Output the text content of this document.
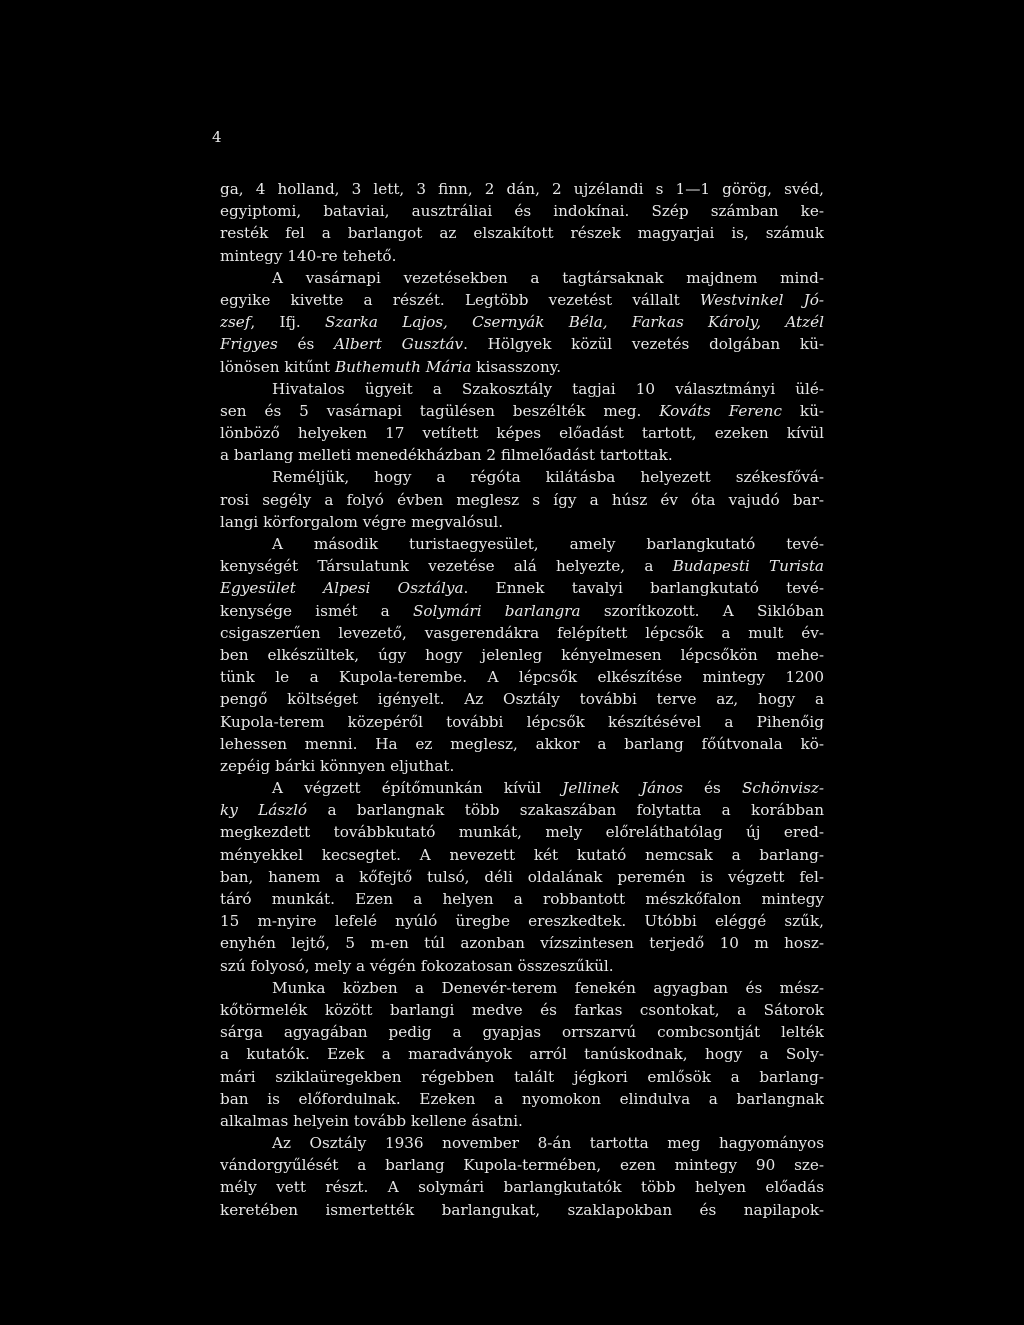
4
ga, 4 holland, 3 lett, 3 finn, 2 dán, 2 ujzélandi s 1—1 görög, svéd,
egyiptomi, bataviai, ausztráliai és indokínai. Szép számban ke-
resték fel a barlangot az elszakított részek magyarjai is, számuk
mintegy 140-re tehető.
A vasárnapi vezetésekben a tagtársaknak majdnem mind-
egyike kivette a részét. Legtöbb vezetést vállalt Westvinkel Jó-
zsef, Ifj. Szarka Lajos, Csernyák Béla, Farkas Károly, Atzél
Frigyes és Albert Gusztáv. Hölgyek közül vezetés dolgában kü-
lönösen kitűnt Buthemuth Mária kisasszony.
Hivatalos ügyeit a Szakosztály tagjai 10 választmányi ülé-
sen és 5 vasárnapi tagülésen beszélték meg. Kováts Ferenc kü-
lönböző helyeken 17 vetített képes előadást tartott, ezeken kívül
a barlang melleti menedékházban 2 filmelőadást tartottak.
Reméljük, hogy a régóta kilátásba helyezett székesfővá-
rosi segély a folyó évben meglesz s így a húsz év óta vajudó bar-
langi körforgalom végre megvalósul.
A második turistaegyesület, amely barlangkutató tevé-
kenységét Társulatunk vezetése alá helyezte, a Budapesti Turista
Egyesület Alpesi Osztálya. Ennek tavalyi barlangkutató tevé-
kenysége ismét a Solymári barlangra szorítkozott. A Siklóban
csigaszerűen levezető, vasgerendákra felépített lépcsők a mult év-
ben elkészültek, úgy hogy jelenleg kényelmesen lépcsőkön mehe-
tünk le a Kupola-terembe. A lépcsők elkészítése mintegy 1200
pengő költséget igényelt. Az Osztály további terve az, hogy a
Kupola-terem közepéről további lépcsők készítésével a Pihenőig
lehessen menni. Ha ez meglesz, akkor a barlang főútvonala kö-
zepéig bárki könnyen eljuthat.
A végzett építőmunkán kívül Jellinek János és Schönvisz-
ky László a barlangnak több szakaszában folytatta a korábban
megkezdett továbbkutató munkát, mely előreláthatólag új ered-
ményekkel kecsegtet. A nevezett két kutató nemcsak a barlang-
ban, hanem a kőfejtő tulsó, déli oldalának peremén is végzett fel-
táró munkát. Ezen a helyen a robbantott mészkőfalon mintegy
15 m-nyire lefelé nyúló üregbe ereszkedtek. Utóbbi eléggé szűk,
enyhén lejtő, 5 m-en túl azonban vízszintesen terjedő 10 m hosz-
szú folyosó, mely a végén fokozatosan összeszűkül.
Munka közben a Denevér-terem fenekén agyagban és mész-
kőtörmelék között barlangi medve és farkas csontokat, a Sátorok
sárga agyagában pedig a gyapjas orrszarvú combcsontját lelték
a kutatók. Ezek a maradványok arról tanúskodnak, hogy a Soly-
mári sziklaüregekben régebben talált jégkori emlősök a barlang-
ban is előfordulnak. Ezeken a nyomokon elindulva a barlangnak
alkalmas helyein tovább kellene ásatni.
Az Osztály 1936 november 8-án tartotta meg hagyományos
vándorgyűlését a barlang Kupola-termében, ezen mintegy 90 sze-
mély vett részt. A solymári barlangkutatók több helyen előadás
keretében ismertették barlangukat, szaklapokban és napilapok-
